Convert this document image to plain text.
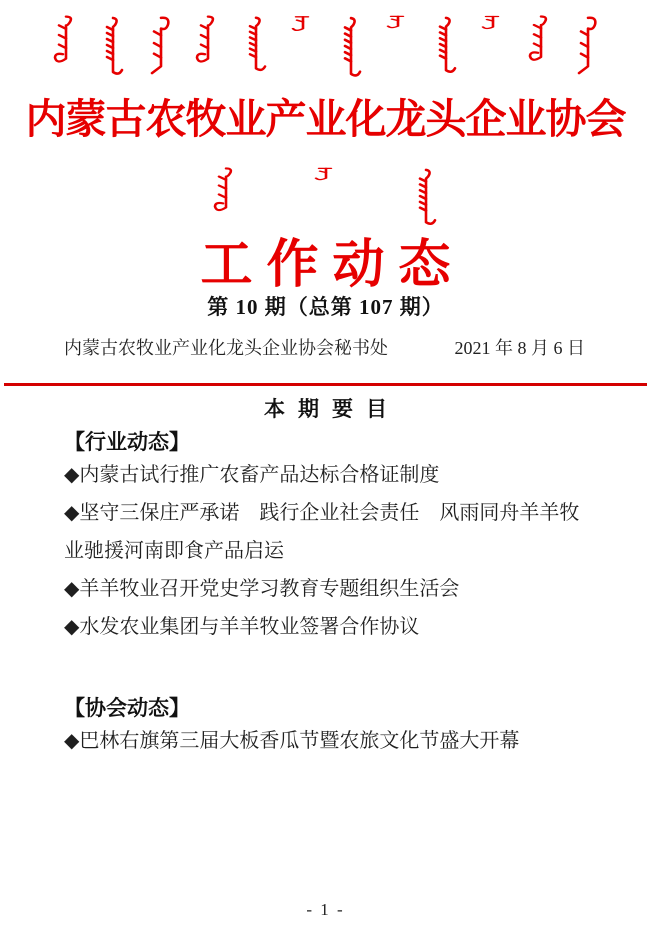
内蒙古农牧业产业化龙头企业协会
工作动态
第 10 期（总第 107 期）
内蒙古农牧业产业化龙头企业协会秘书处	2021 年 8 月 6 日
本期要目
【行业动态】
◆内蒙古试行推广农畜产品达标合格证制度
◆坚守三保庄严承诺　践行企业社会责任　风雨同舟羊羊牧业驰援河南即食产品启运
◆羊羊牧业召开党史学习教育专题组织生活会
◆水发农业集团与羊羊牧业签署合作协议
【协会动态】
◆巴林右旗第三届大板香瓜节暨农旅文化节盛大开幕
- 1 -
